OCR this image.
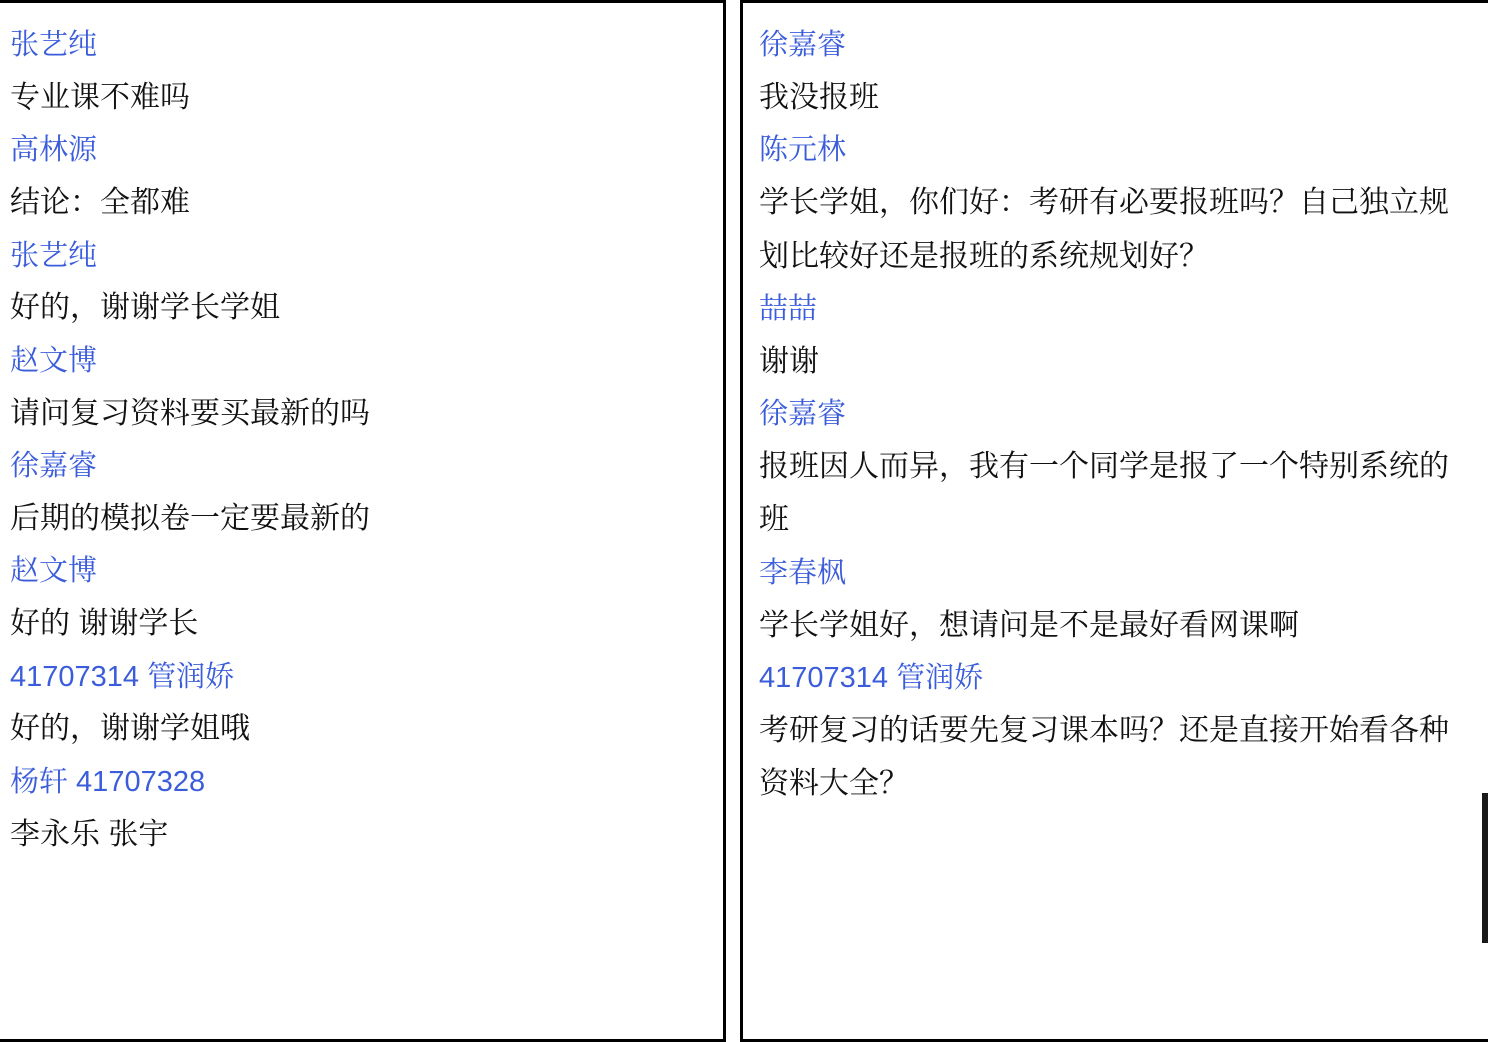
张艺纯
专业课不难吗
高林源
结论：全都难
张艺纯
好的，谢谢学长学姐
赵文博
请问复习资料要买最新的吗
徐嘉睿
后期的模拟卷一定要最新的
赵文博
好的 谢谢学长
41707314 管润娇
好的，谢谢学姐哦
杨轩 41707328
李永乐 张宇
徐嘉睿
我没报班
陈元林
学长学姐，你们好：考研有必要报班吗？自己独立规划比较好还是报班的系统规划好？
喆喆
谢谢
徐嘉睿
报班因人而异，我有一个同学是报了一个特别系统的班
李春枫
学长学姐好，想请问是不是最好看网课啊
41707314 管润娇
考研复习的话要先复习课本吗？还是直接开始看各种资料大全？
